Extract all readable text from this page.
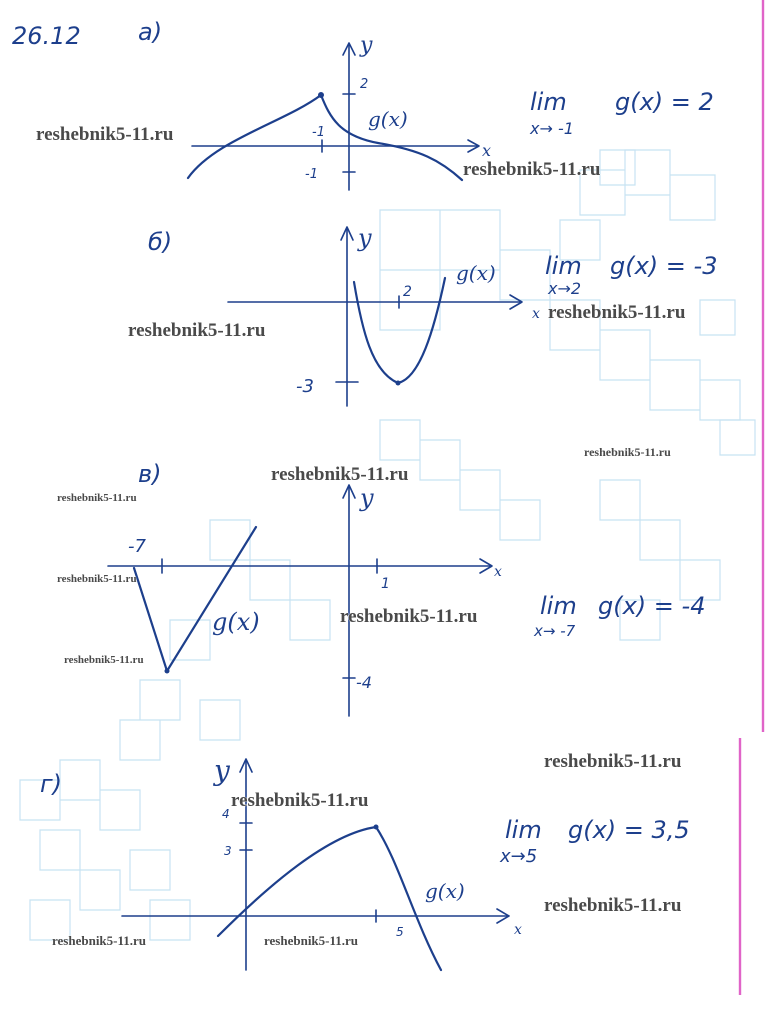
26.12 а)	y
x
2
-1
-1
g(x)
lim g(x) = 2
x→ -1
б)	y
x
2
-3
g(x) lim g(x) = -3
x→2
в)
y
x
-7
1
-4
g(x)
lim g(x) = -4
x→ -7
г)	y
x
4
3
5
g(x)
lim g(x) = 3,5
x→5
reshebnik5-11.ru
reshebnik5-11.ru
reshebnik5-11.ru
reshebnik5-11.ru
reshebnik5-11.ru
reshebnik5-11.ru
reshebnik5-11.ru
reshebnik5-11.ru
reshebnik5-11.ru
reshebnik5-11.ru
reshebnik5-11.ru
reshebnik5-11.ru
reshebnik5-11.ru
reshebnik5-11.ru	reshebnik5-11.ru
